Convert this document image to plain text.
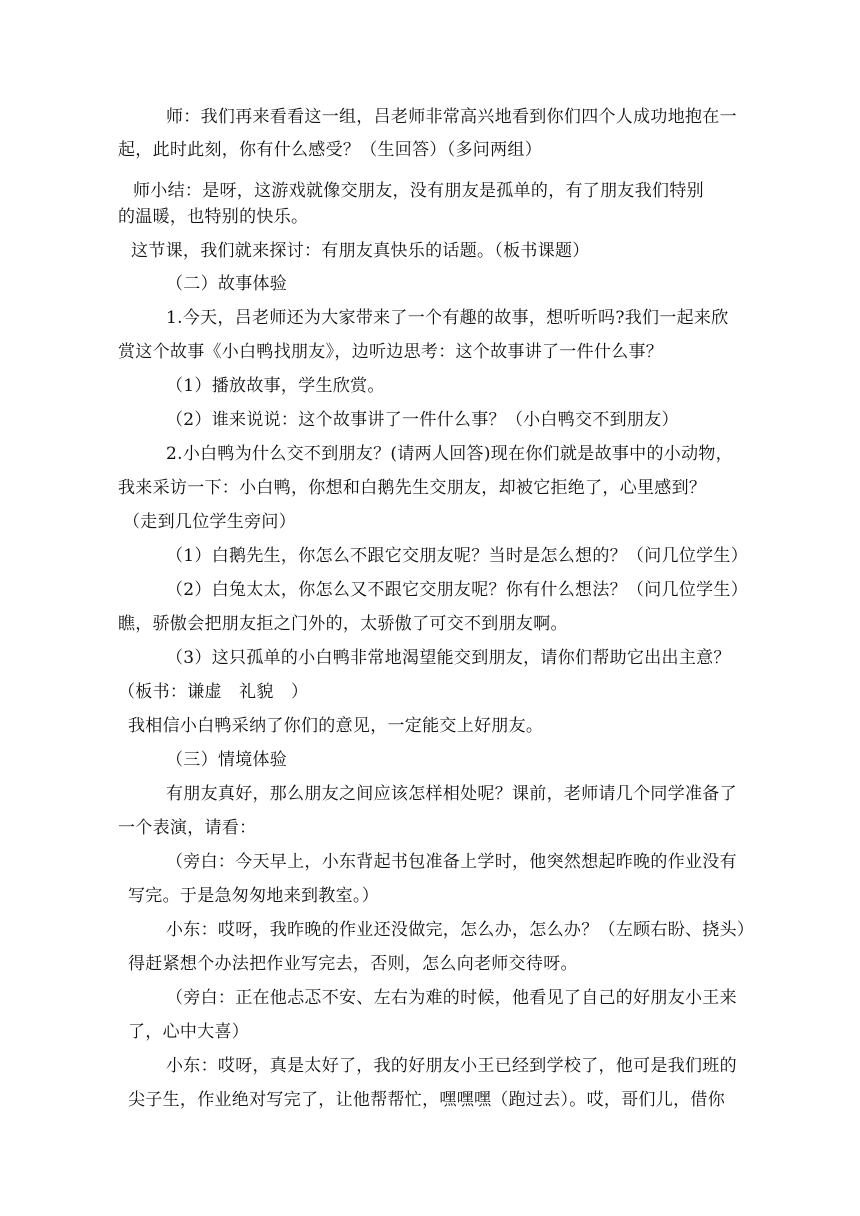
师：我们再来看看这一组，吕老师非常高兴地看到你们四个人成功地抱在一
起，此时此刻，你有什么感受？（生回答）（多问两组）
师小结：是呀，这游戏就像交朋友，没有朋友是孤单的，有了朋友我们特别
的温暖，也特别的快乐。
这节课，我们就来探讨：有朋友真快乐的话题。（板书课题）
（二）故事体验
1.今天，吕老师还为大家带来了一个有趣的故事，想听听吗?我们一起来欣
赏这个故事《小白鸭找朋友》，边听边思考：这个故事讲了一件什么事？
（1）播放故事，学生欣赏。
（2）谁来说说：这个故事讲了一件什么事？（小白鸭交不到朋友）
2.小白鸭为什么交不到朋友？(请两人回答)现在你们就是故事中的小动物，
我来采访一下：小白鸭，你想和白鹅先生交朋友，却被它拒绝了，心里感到？
（走到几位学生旁问）
（1）白鹅先生，你怎么不跟它交朋友呢？当时是怎么想的？（问几位学生）
（2）白兔太太，你怎么又不跟它交朋友呢？你有什么想法？（问几位学生）
瞧，骄傲会把朋友拒之门外的，太骄傲了可交不到朋友啊。
（3）这只孤单的小白鸭非常地渴望能交到朋友，请你们帮助它出出主意？
（板书：谦虚　礼貌　）
我相信小白鸭采纳了你们的意见，一定能交上好朋友。
（三）情境体验
有朋友真好，那么朋友之间应该怎样相处呢？课前，老师请几个同学准备了
一个表演，请看：
（旁白：今天早上，小东背起书包准备上学时，他突然想起昨晚的作业没有
写完。于是急匆匆地来到教室。）
小东：哎呀，我昨晚的作业还没做完，怎么办，怎么办？（左顾右盼、挠头）
得赶紧想个办法把作业写完去，否则，怎么向老师交待呀。
（旁白：正在他忐忑不安、左右为难的时候，他看见了自己的好朋友小王来
了，心中大喜）
小东：哎呀，真是太好了，我的好朋友小王已经到学校了，他可是我们班的
尖子生，作业绝对写完了，让他帮帮忙，嘿嘿嘿（跑过去）。哎，哥们儿，借你
